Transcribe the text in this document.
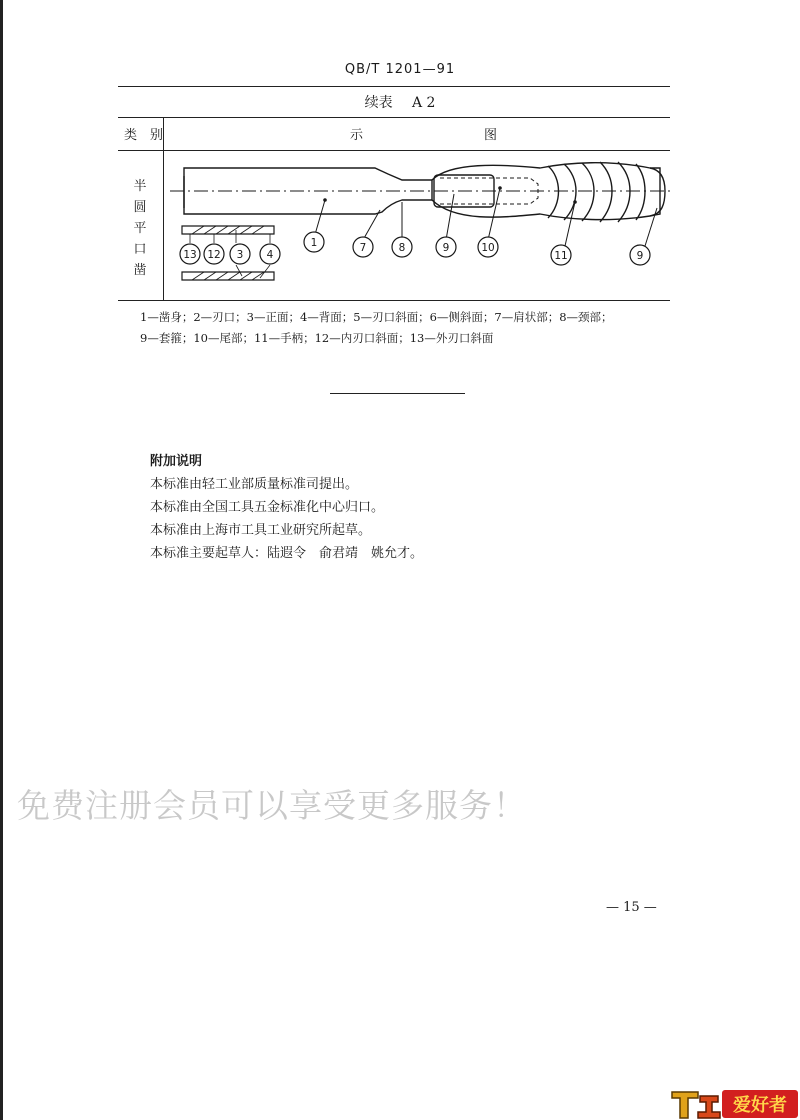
QB/T 1201—91
续表 A 2
类　别	示	图
半
圆
平
口
凿
1	7	8	9	10
11	9
13 12 3 4
1—凿身；2—刃口；3—正面；4—背面；5—刃口斜面；6—侧斜面；7—肩状部；8—颈部；
9—套箍；10—尾部；11—手柄；12—内刃口斜面；13—外刃口斜面
附加说明
本标准由轻工业部质量标准司提出。
本标准由全国工具五金标准化中心归口。
本标准由上海市工具工业研究所起草。
本标准主要起草人：陆遐令　俞君靖　姚允才。
免费注册会员可以享受更多服务！
— 15 —
爱好者
